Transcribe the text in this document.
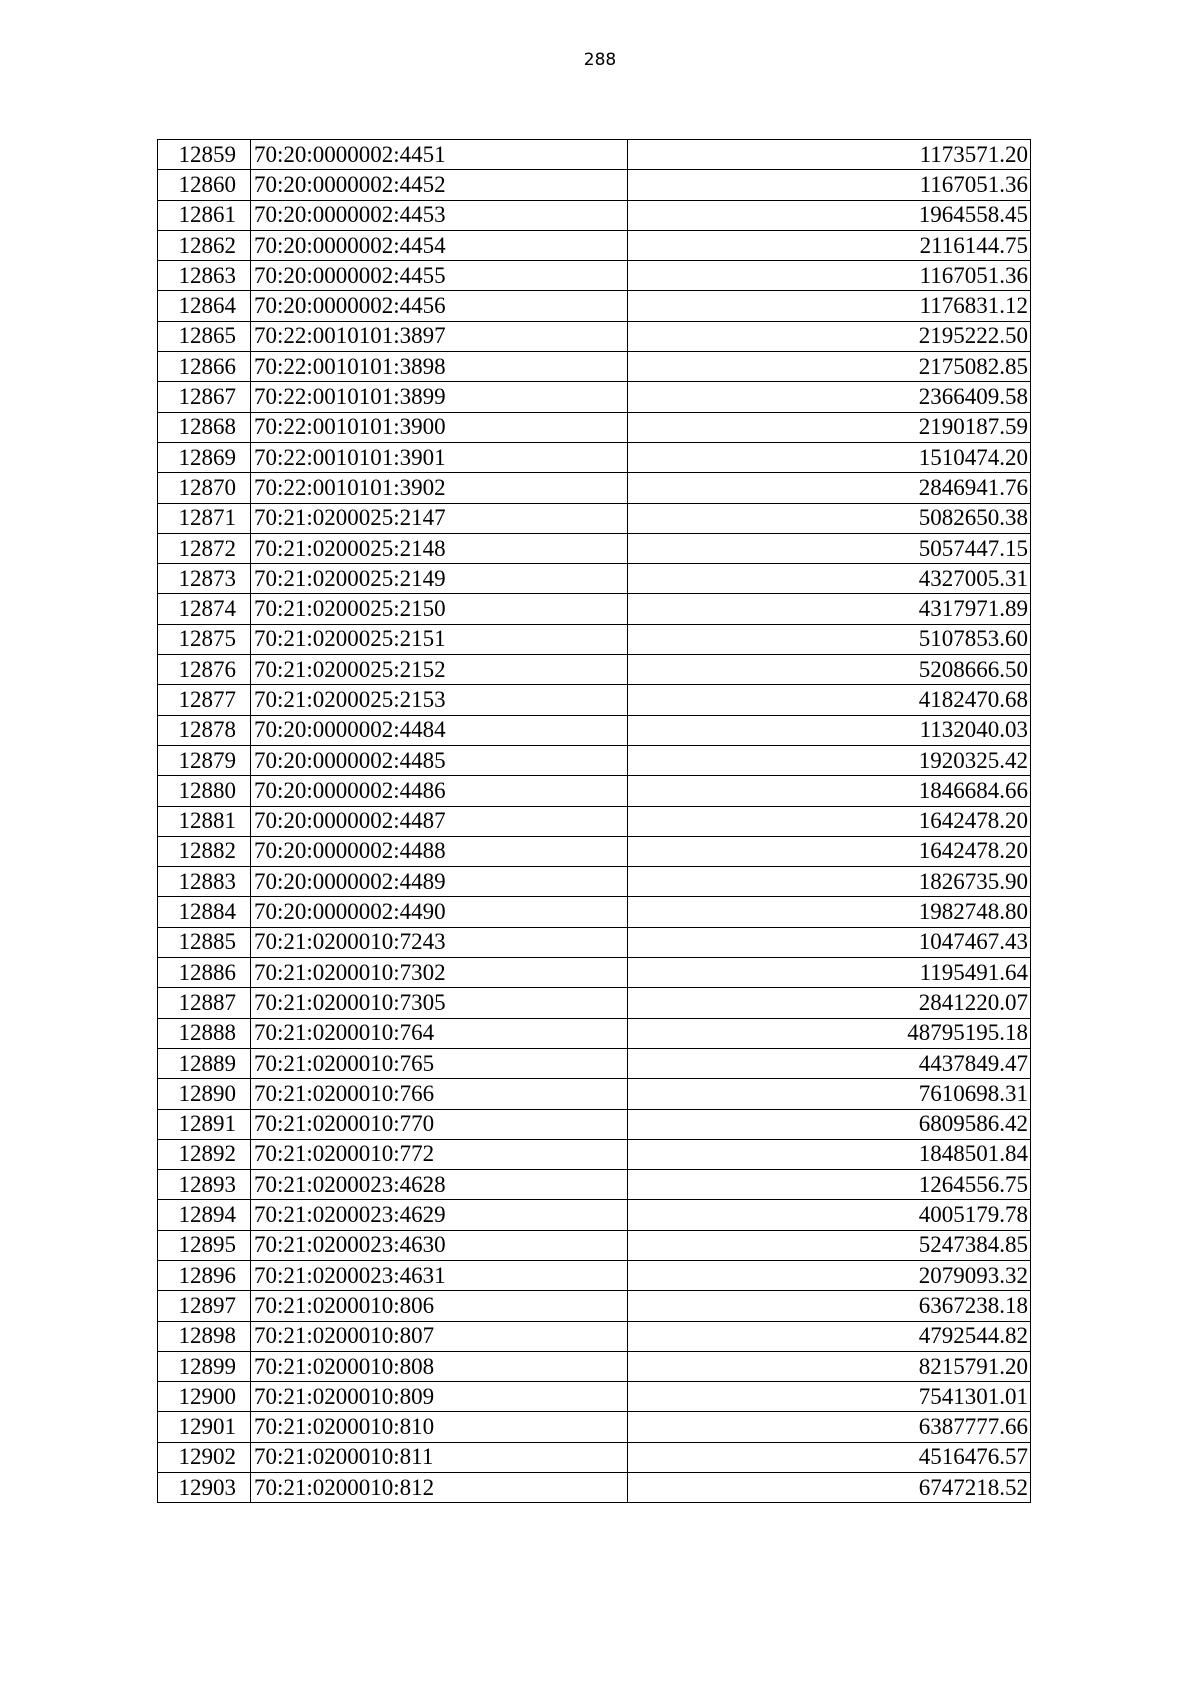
288
12859	70:20:0000002:4451	1173571.20
12860	70:20:0000002:4452	1167051.36
12861	70:20:0000002:4453	1964558.45
12862	70:20:0000002:4454	2116144.75
12863	70:20:0000002:4455	1167051.36
12864	70:20:0000002:4456	1176831.12
12865	70:22:0010101:3897	2195222.50
12866	70:22:0010101:3898	2175082.85
12867	70:22:0010101:3899	2366409.58
12868	70:22:0010101:3900	2190187.59
12869	70:22:0010101:3901	1510474.20
12870	70:22:0010101:3902	2846941.76
12871	70:21:0200025:2147	5082650.38
12872	70:21:0200025:2148	5057447.15
12873	70:21:0200025:2149	4327005.31
12874	70:21:0200025:2150	4317971.89
12875	70:21:0200025:2151	5107853.60
12876	70:21:0200025:2152	5208666.50
12877	70:21:0200025:2153	4182470.68
12878	70:20:0000002:4484	1132040.03
12879	70:20:0000002:4485	1920325.42
12880	70:20:0000002:4486	1846684.66
12881	70:20:0000002:4487	1642478.20
12882	70:20:0000002:4488	1642478.20
12883	70:20:0000002:4489	1826735.90
12884	70:20:0000002:4490	1982748.80
12885	70:21:0200010:7243	1047467.43
12886	70:21:0200010:7302	1195491.64
12887	70:21:0200010:7305	2841220.07
12888	70:21:0200010:764	48795195.18
12889	70:21:0200010:765	4437849.47
12890	70:21:0200010:766	7610698.31
12891	70:21:0200010:770	6809586.42
12892	70:21:0200010:772	1848501.84
12893	70:21:0200023:4628	1264556.75
12894	70:21:0200023:4629	4005179.78
12895	70:21:0200023:4630	5247384.85
12896	70:21:0200023:4631	2079093.32
12897	70:21:0200010:806	6367238.18
12898	70:21:0200010:807	4792544.82
12899	70:21:0200010:808	8215791.20
12900	70:21:0200010:809	7541301.01
12901	70:21:0200010:810	6387777.66
12902	70:21:0200010:811	4516476.57
12903	70:21:0200010:812	6747218.52
